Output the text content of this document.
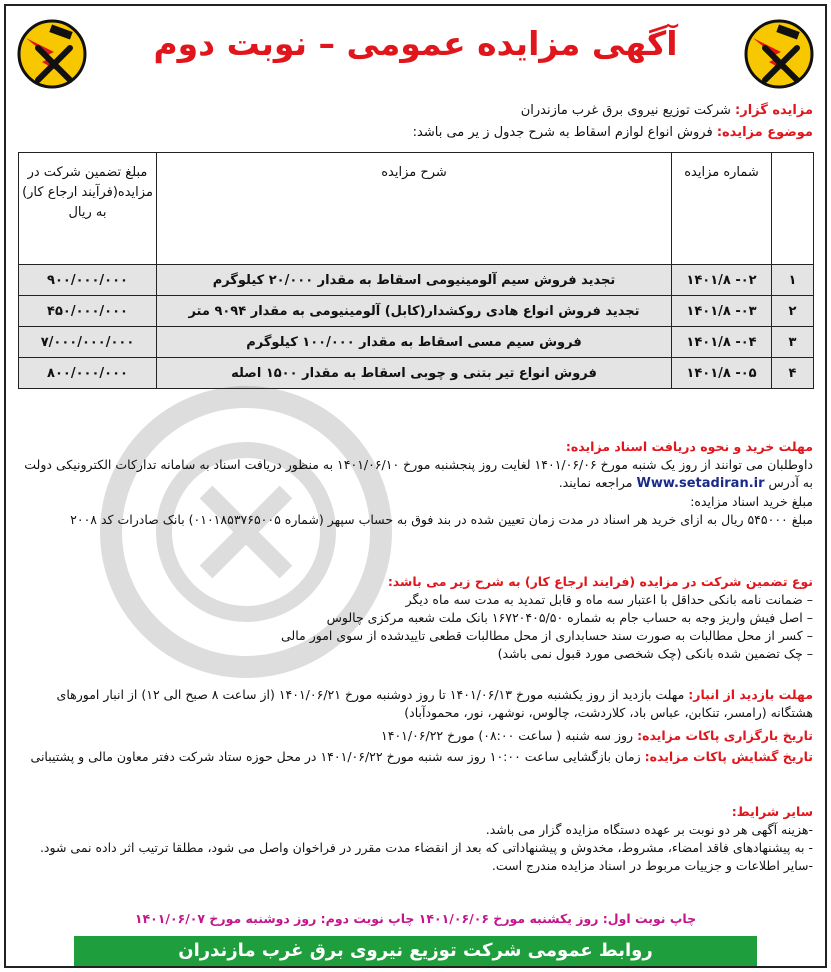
آگهی مزایده عمومی – نوبت دوم
مزایده گزار: شرکت توزیع نیروی برق غرب مازندران
موضوع مزایده: فروش انواع لوازم اسقاط به شرح جدول ز یر می باشد:
	شماره مزایده	شرح مزایده	مبلغ تضمین شرکت در مزایده(فرآیند ارجاع کار) به ریال
۱	۰۲- ۱۴۰۱/۸	تجدید فروش سیم آلومینیومی اسقاط به مقدار ۲۰/۰۰۰ کیلوگرم	۹۰۰/۰۰۰/۰۰۰
۲	۰۳- ۱۴۰۱/۸	تجدید فروش انواع هادی روکشدار(کابل) آلومینیومی به مقدار ۹۰۹۴ متر	۴۵۰/۰۰۰/۰۰۰
۳	۰۴- ۱۴۰۱/۸	فروش سیم مسی اسقاط به مقدار ۱۰۰/۰۰۰ کیلوگرم	۷/۰۰۰/۰۰۰/۰۰۰
۴	۰۵- ۱۴۰۱/۸	فروش انواع تیر بتنی و چوبی اسقاط به مقدار ۱۵۰۰ اصله	۸۰۰/۰۰۰/۰۰۰

مهلت خرید و نحوه دریافت اسناد مزایده:

داوطلبان می توانند از روز یک شنبه مورخ ۱۴۰۱/۰۶/۰۶ لغایت روز پنجشنبه مورخ ۱۴۰۱/۰۶/۱۰ به منظور دریافت اسناد به سامانه تدارکات الکترونیکی دولت به آدرس Www.setadiran.ir مراجعه نمایند.

مبلغ خرید اسناد مزایده:

مبلغ ۵۴۵۰۰۰ ریال به ازای خرید هر اسناد در مدت زمان تعیین شده در بند فوق به حساب سپهر (شماره ۰۱۰۱۸۵۳۷۶۵۰۰۵) بانک صادرات کد ۲۰۰۸

نوع تضمین شرکت در مزایده (فرایند ارجاع کار) به شرح زیر می باشد:

– ضمانت نامه بانکی حداقل با اعتبار سه ماه و قابل تمدید به مدت سه ماه دیگر

– اصل فیش واریز وجه به حساب جام به شماره ۱۶۷۲۰۴۰۵/۵۰ بانک ملت شعبه مرکزی چالوس

– کسر از محل مطالبات به صورت سند حسابداری از محل مطالبات قطعی تاییدشده از سوی امور مالی

– چک تضمین شده بانکی (چک شخصی مورد قبول نمی باشد)

مهلت بازدید از انبار: مهلت بازدید از روز یکشنبه مورخ ۱۴۰۱/۰۶/۱۳ تا روز دوشنبه مورخ ۱۴۰۱/۰۶/۲۱ (از ساعت ۸ صبح الی ۱۲) از انبار امورهای هشتگانه (رامسر، تنکابن، عباس باد، کلاردشت، چالوس، نوشهر، نور، محمودآباد)
تاریخ بارگزاری پاکات مزایده: روز سه شنبه ( ساعت ۰۸:۰۰) مورخ ۱۴۰۱/۰۶/۲۲
تاریخ گشایش پاکات مزایده: زمان بازگشایی ساعت ۱۰:۰۰ روز سه شنبه مورخ ۱۴۰۱/۰۶/۲۲ در محل حوزه ستاد شرکت دفتر معاون مالی و پشتیبانی

سایر شرایط:

-هزینه آگهی هر دو نوبت بر عهده دستگاه مزایده گزار می باشد.

- به پیشنهادهای فاقد امضاء، مشروط، مخدوش و پیشنهاداتی که بعد از انقضاء مدت مقرر در فراخوان واصل می شود، مطلقا ترتیب اثر داده نمی شود.

-سایر اطلاعات و جزییات مربوط در اسناد مزایده مندرج است.

چاپ نوبت اول: روز یکشنبه مورخ ۱۴۰۱/۰۶/۰۶ چاپ نوبت دوم: روز دوشنبه مورخ ۱۴۰۱/۰۶/۰۷
روابط عمومی شرکت توزیع نیروی برق غرب مازندران
